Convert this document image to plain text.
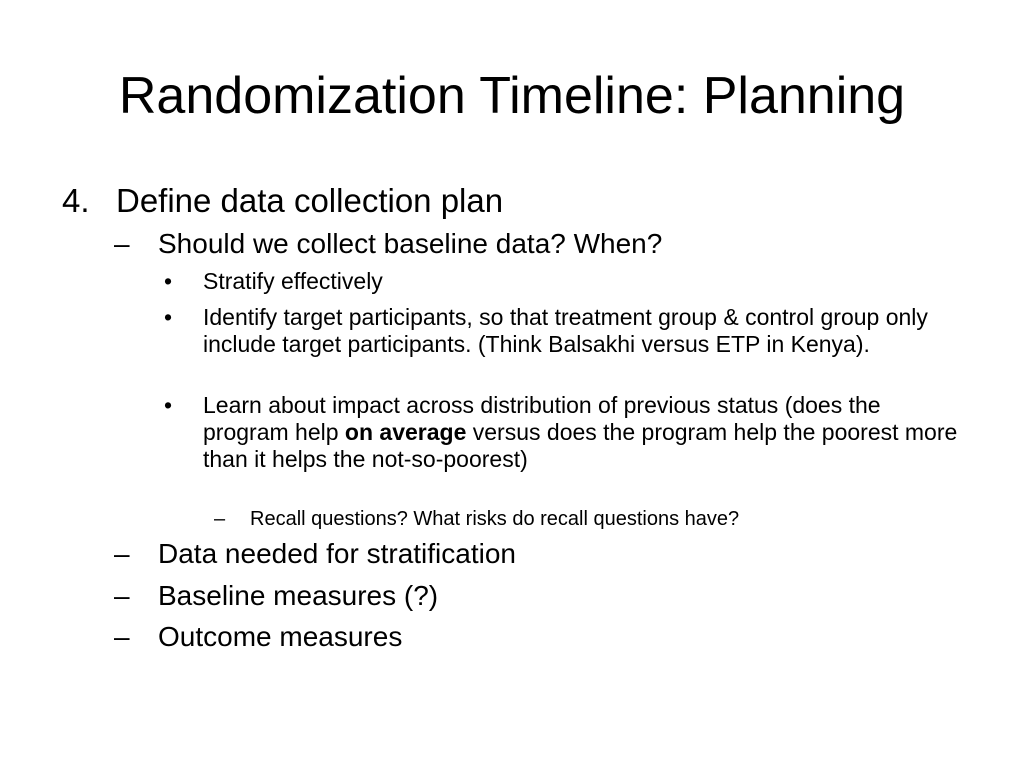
Randomization Timeline: Planning
4. Define data collection plan
– Should we collect baseline data? When?
• Stratify effectively
• Identify target participants, so that treatment group & control group only include target participants. (Think Balsakhi versus ETP in Kenya).
• Learn about impact across distribution of previous status (does the program help on average versus does the program help the poorest more than it helps the not-so-poorest)
– Recall questions? What risks do recall questions have?
– Data needed for stratification
– Baseline measures (?)
– Outcome measures
